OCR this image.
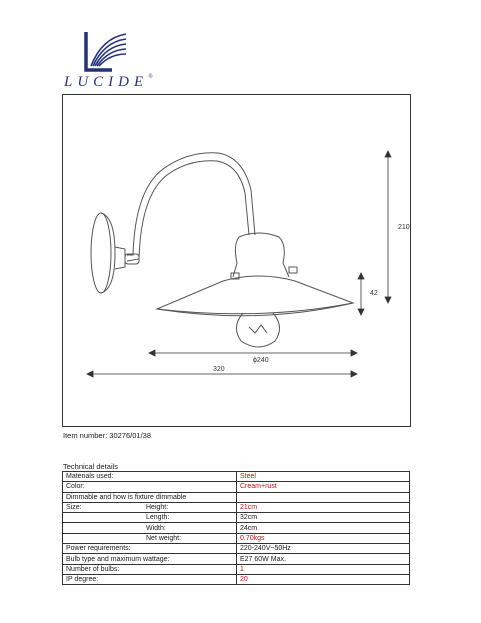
LUCIDE®
210
42
ϕ240
320
Item number: 30276/01/38
Technical details
Materials used:	Steel
Color:	Cream+rust
Dimmable and how is fixture dimmable	
Size: Height:	21cm
Length:	32cm
Width:	24cm
Net weight:	0.70kgs
Power requirements:	220-240V~50Hz
Bulb type and maximum wattage:	E27 60W Max.
Number of bulbs:	1
IP degree:	20
